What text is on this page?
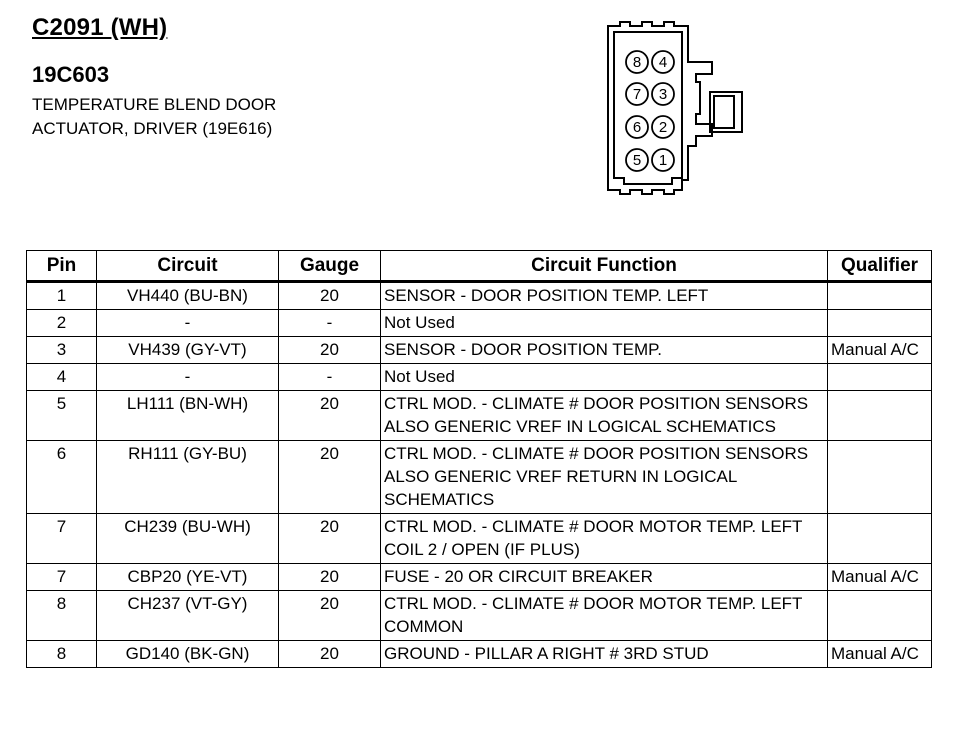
C2091 (WH)
19C603
TEMPERATURE BLEND DOOR
ACTUATOR, DRIVER (19E616)
8
7
6
5
4
3
2
1
Pin	Circuit	Gauge	Circuit Function	Qualifier
1	VH440 (BU-BN)	20	SENSOR - DOOR POSITION TEMP. LEFT	
2	-	-	Not Used	
3	VH439 (GY-VT)	20	SENSOR - DOOR POSITION TEMP.	Manual A/C
4	-	-	Not Used	
5	LH111 (BN-WH)	20	CTRL MOD. - CLIMATE # DOOR POSITION SENSORS ALSO GENERIC VREF IN LOGICAL SCHEMATICS	
6	RH111 (GY-BU)	20	CTRL MOD. - CLIMATE # DOOR POSITION SENSORS ALSO GENERIC VREF RETURN IN LOGICAL SCHEMATICS	
7	CH239 (BU-WH)	20	CTRL MOD. - CLIMATE # DOOR MOTOR TEMP. LEFT COIL 2 / OPEN (IF PLUS)	
7	CBP20 (YE-VT)	20	FUSE - 20 OR CIRCUIT BREAKER	Manual A/C
8	CH237 (VT-GY)	20	CTRL MOD. - CLIMATE # DOOR MOTOR TEMP. LEFT COMMON	
8	GD140 (BK-GN)	20	GROUND - PILLAR A RIGHT # 3RD STUD	Manual A/C
